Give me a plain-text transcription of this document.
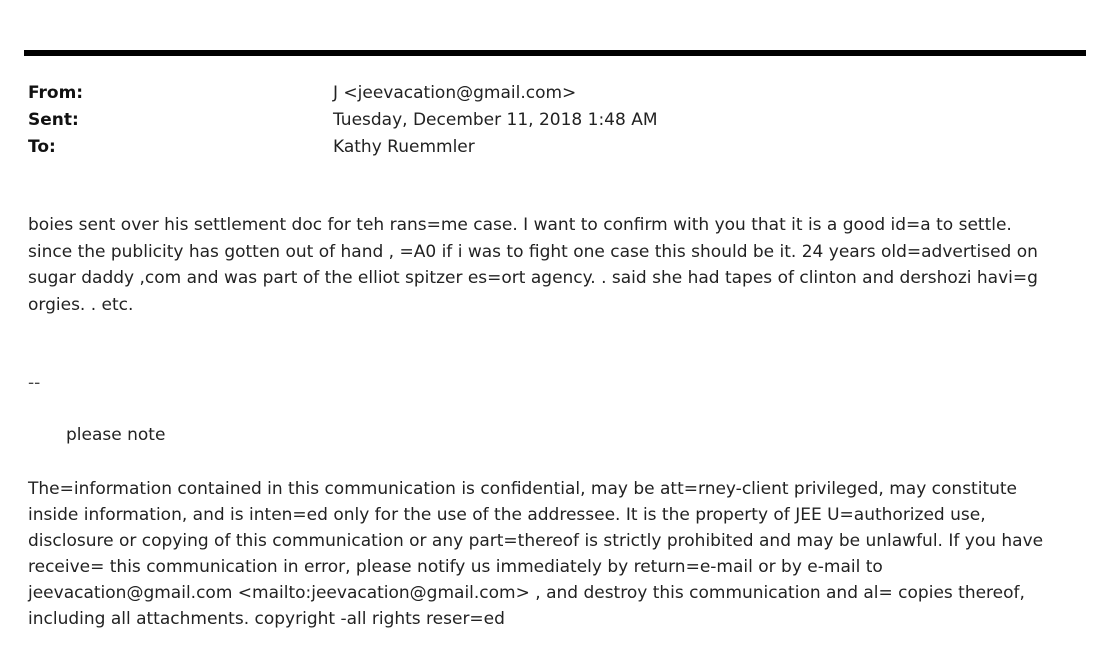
From:	J <jeevacation@gmail.com>
Sent:	Tuesday, December 11, 2018 1:48 AM
To:	Kathy Ruemmler
boies sent over his settlement doc for teh rans=me case. I want to confirm with you that it is a good id=a to settle.
since the publicity has gotten out of hand , =A0 if i was to fight one case this should be it. 24 years old=advertised on
sugar daddy ,com and was part of the elliot spitzer es=ort agency. . said she had tapes of clinton and dershozi havi=g
orgies. . etc.
--
please note
The=information contained in this communication is confidential, may be att=rney-client privileged, may constitute
inside information, and is inten=ed only for the use of the addressee. It is the property of JEE U=authorized use,
disclosure or copying of this communication or any part=thereof is strictly prohibited and may be unlawful. If you have
receive= this communication in error, please notify us immediately by return=e-mail or by e-mail to
jeevacation@gmail.com <mailto:jeevacation@gmail.com> , and destroy this communication and al= copies thereof,
including all attachments. copyright -all rights reser=ed
